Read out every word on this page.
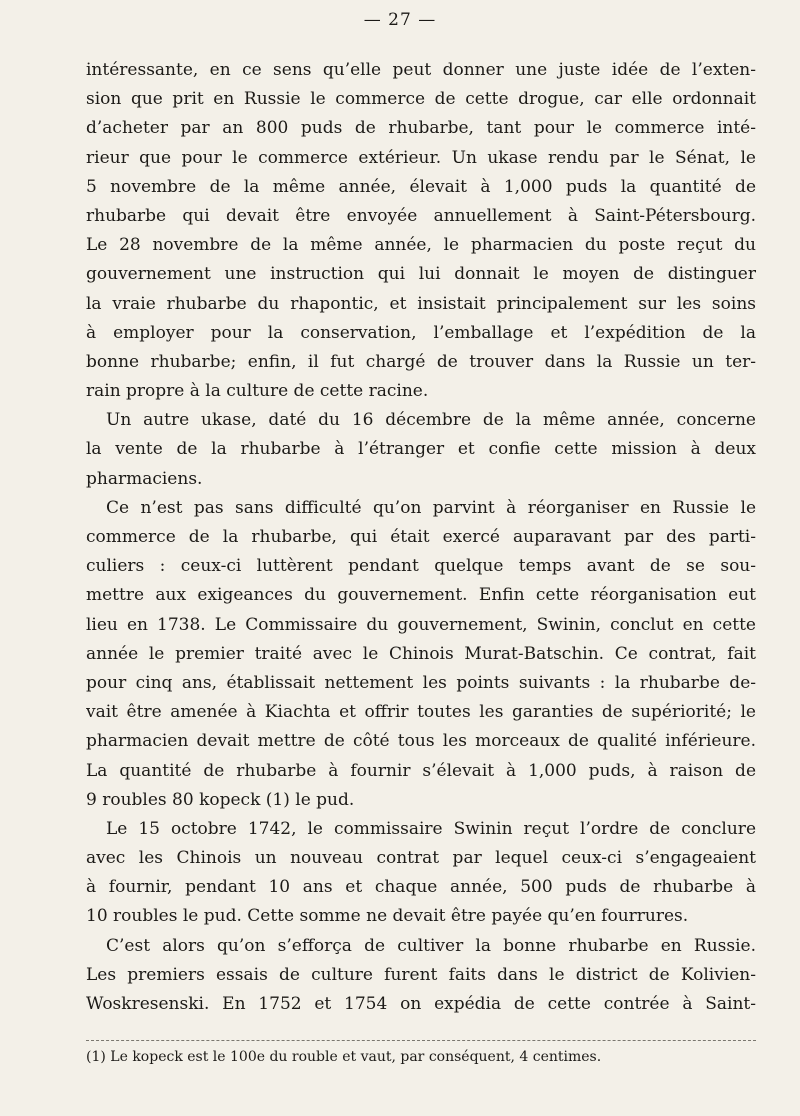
— 27 —
intéressante, en ce sens qu’elle peut donner une juste idée de l’exten-
sion que prit en Russie le commerce de cette drogue, car elle ordonnait
d’acheter par an 800 puds de rhubarbe, tant pour le commerce inté-
rieur que pour le commerce extérieur. Un ukase rendu par le Sénat, le
5 novembre de la même année, élevait à 1,000 puds la quantité de
rhubarbe qui devait être envoyée annuellement à Saint-Pétersbourg.
Le 28 novembre de la même année, le pharmacien du poste reçut du
gouvernement une instruction qui lui donnait le moyen de distinguer
la vraie rhubarbe du rhapontic, et insistait principalement sur les soins
à employer pour la conservation, l’emballage et l’expédition de la
bonne rhubarbe; enfin, il fut chargé de trouver dans la Russie un ter-
rain propre à la culture de cette racine.
Un autre ukase, daté du 16 décembre de la même année, concerne
la vente de la rhubarbe à l’étranger et confie cette mission à deux
pharmaciens.
Ce n’est pas sans difficulté qu’on parvint à réorganiser en Russie le
commerce de la rhubarbe, qui était exercé auparavant par des parti-
culiers : ceux-ci luttèrent pendant quelque temps avant de se sou-
mettre aux exigeances du gouvernement. Enfin cette réorganisation eut
lieu en 1738. Le Commissaire du gouvernement, Swinin, conclut en cette
année le premier traité avec le Chinois Murat-Batschin. Ce contrat, fait
pour cinq ans, établissait nettement les points suivants : la rhubarbe de-
vait être amenée à Kiachta et offrir toutes les garanties de supériorité; le
pharmacien devait mettre de côté tous les morceaux de qualité inférieure.
La quantité de rhubarbe à fournir s’élevait à 1,000 puds, à raison de
9 roubles 80 kopeck (1) le pud.
Le 15 octobre 1742, le commissaire Swinin reçut l’ordre de conclure
avec les Chinois un nouveau contrat par lequel ceux-ci s’engageaient
à fournir, pendant 10 ans et chaque année, 500 puds de rhubarbe à
10 roubles le pud. Cette somme ne devait être payée qu’en fourrures.
C’est alors qu’on s’efforça de cultiver la bonne rhubarbe en Russie.
Les premiers essais de culture furent faits dans le district de Kolivien-
Woskresenski. En 1752 et 1754 on expédia de cette contrée à Saint-
(1) Le kopeck est le 100e du rouble et vaut, par conséquent, 4 centimes.
